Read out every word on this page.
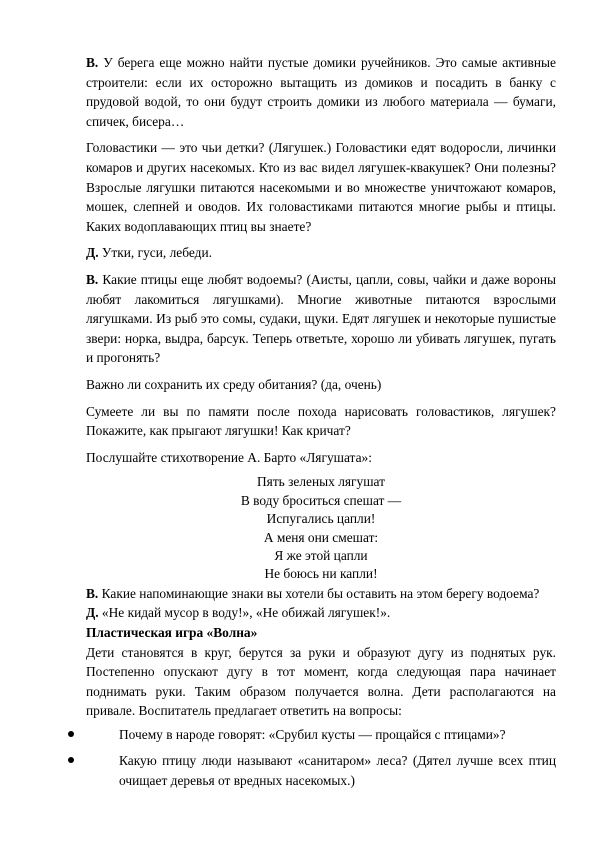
В. У берега еще можно найти пустые домики ручейников. Это самые активные строители: если их осторожно вытащить из домиков и посадить в банку с прудовой водой, то они будут строить домики из любого материала — бумаги, спичек, бисера…

Головастики — это чьи детки? (Лягушек.) Головастики едят водоросли, личинки комаров и других насекомых. Кто из вас видел лягушек-квакушек? Они полезны? Взрослые лягушки питаются насекомыми и во множестве уничтожают комаров, мошек, слепней и оводов. Их головастиками питаются многие рыбы и птицы. Каких водоплавающих птиц вы знаете?

Д. Утки, гуси, лебеди.

В. Какие птицы еще любят водоемы? (Аисты, цапли, совы, чайки и даже вороны любят лакомиться лягушками). Многие животные питаются взрослыми лягушками. Из рыб это сомы, судаки, щуки. Едят лягушек и некоторые пушистые звери: норка, выдра, барсук. Теперь ответьте, хорошо ли убивать лягушек, пугать и прогонять?

Важно ли сохранить их среду обитания? (да, очень)

Сумеете ли вы по памяти после похода нарисовать головастиков, лягушек? Покажите, как прыгают лягушки! Как кричат?

Послушайте стихотворение А. Барто «Лягушата»:

Пять зеленых лягушат
В воду броситься спешат —
Испугались цапли!
А меня они смешат:
Я же этой цапли
Не боюсь ни капли!

В. Какие напоминающие знаки вы хотели бы оставить на этом берегу водоема?

Д. «Не кидай мусор в воду!», «Не обижай лягушек!».

Пластическая игра «Волна»

Дети становятся в круг, берутся за руки и образуют дугу из поднятых рук. Постепенно опускают дугу в тот момент, когда следующая пара начинает поднимать руки. Таким образом получается волна. Дети располагаются на привале. Воспитатель предлагает ответить на вопросы:

Почему в народе говорят: «Срубил кусты — прощайся с птицами»?
Какую птицу люди называют «санитаром» леса? (Дятел лучше всех птиц очищает деревья от вредных насекомых.)
